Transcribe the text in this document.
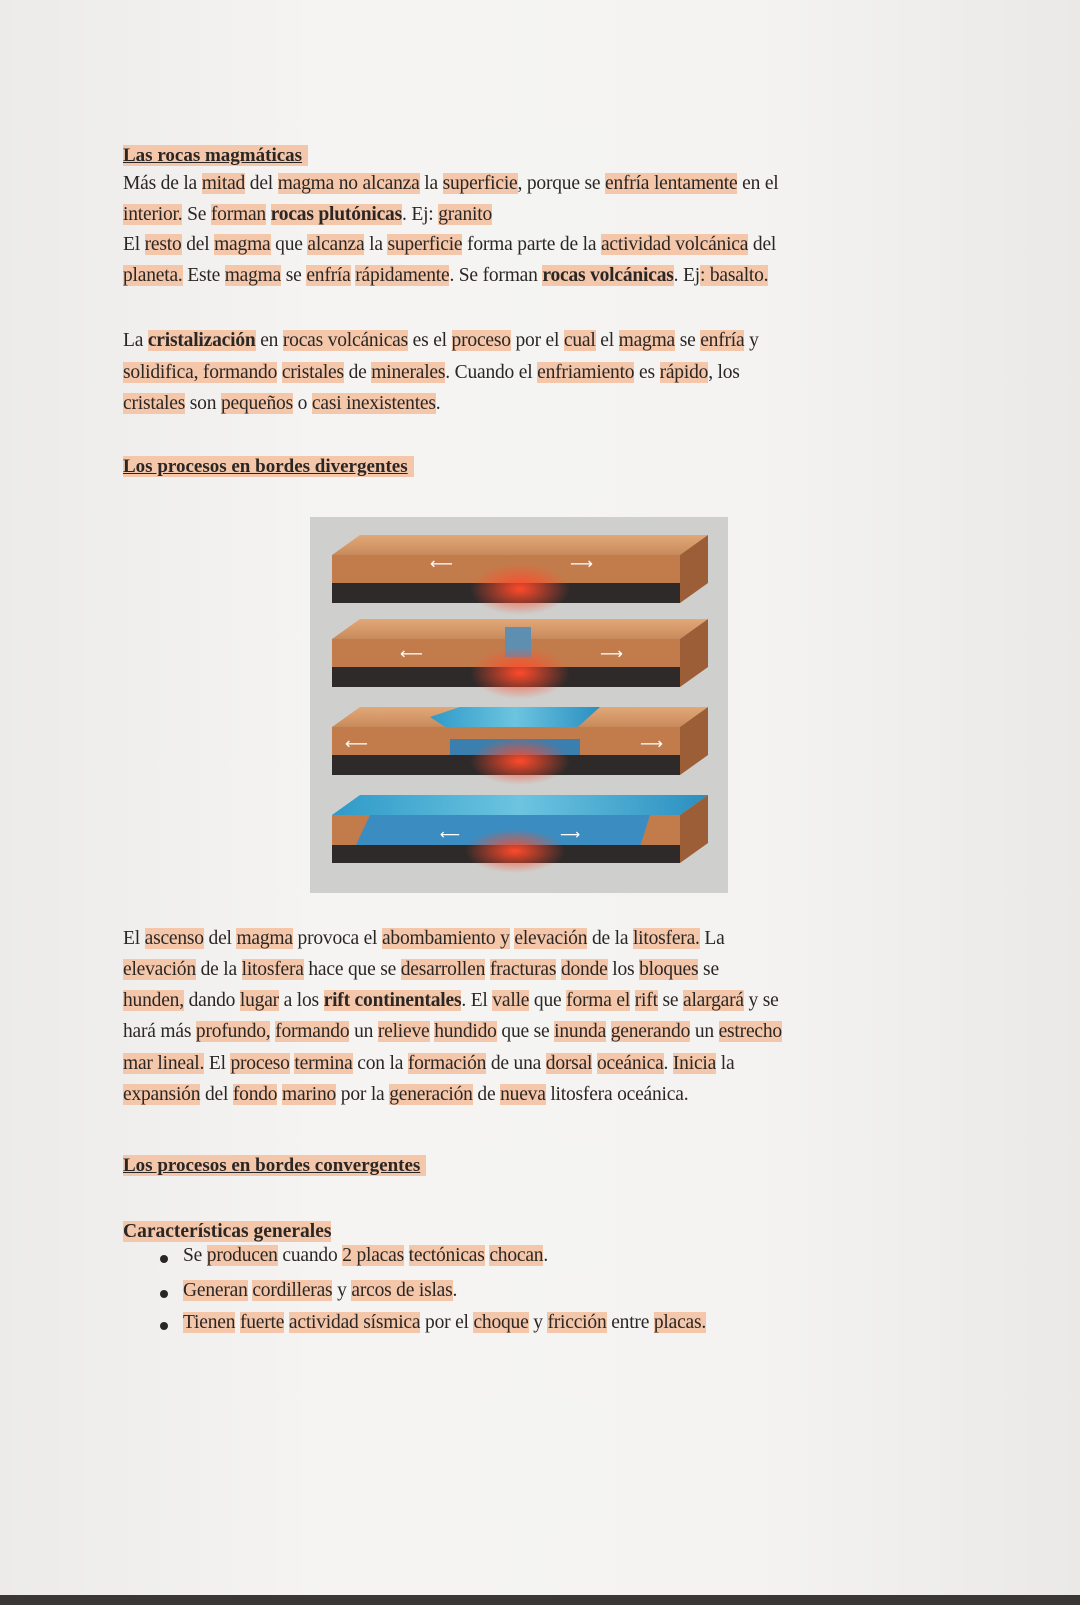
Las rocas magmáticas
Más de la mitad del magma no alcanza la superficie, porque se enfría lentamente en el
interior. Se forman rocas plutónicas. Ej: granito
El resto del magma que alcanza la superficie forma parte de la actividad volcánica del
planeta. Este magma se enfría rápidamente. Se forman rocas volcánicas. Ej: basalto.
La cristalización en rocas volcánicas es el proceso por el cual el magma se enfría y
solidifica, formando cristales de minerales. Cuando el enfriamiento es rápido, los
cristales son pequeños o casi inexistentes.
Los procesos en bordes divergentes
⟵	⟶
⟵	⟶
⟵	⟶
⟵	⟶
El ascenso del magma provoca el abombamiento y elevación de la litosfera. La
elevación de la litosfera hace que se desarrollen fracturas donde los bloques se
hunden, dando lugar a los rift continentales. El valle que forma el rift se alargará y se
hará más profundo, formando un relieve hundido que se inunda generando un estrecho
mar lineal. El proceso termina con la formación de una dorsal oceánica. Inicia la
expansión del fondo marino por la generación de nueva litosfera oceánica.
Los procesos en bordes convergentes
Características generales
Se producen cuando 2 placas tectónicas chocan.
Generan cordilleras y arcos de islas.
Tienen fuerte actividad sísmica por el choque y fricción entre placas.
